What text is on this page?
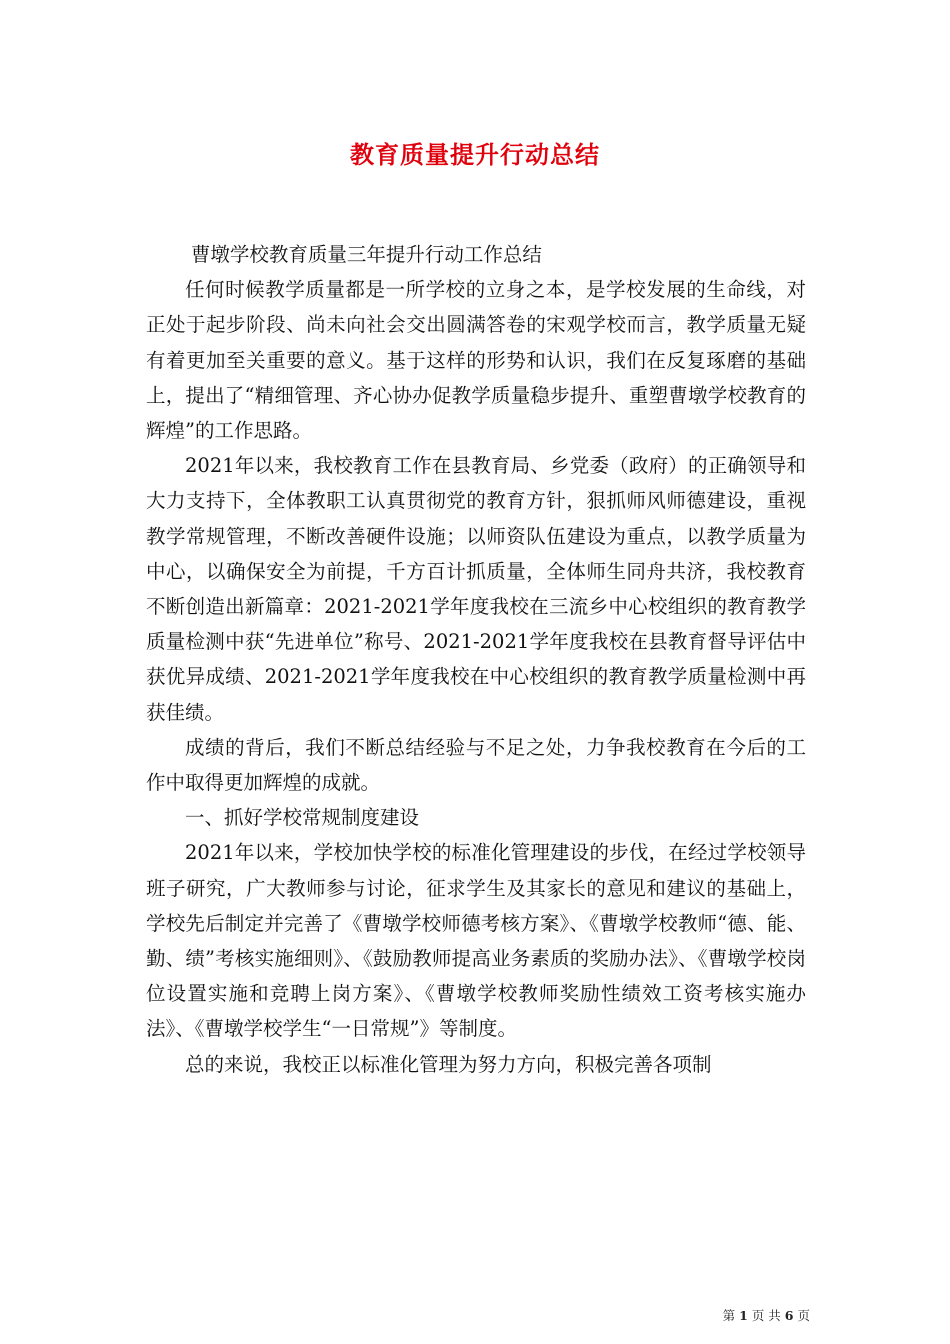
教育质量提升行动总结

曹墩学校教育质量三年提升行动工作总结

任何时候教学质量都是一所学校的立身之本，是学校发展的生命线，对正处于起步阶段、尚未向社会交出圆满答卷的宋观学校而言，教学质量无疑有着更加至关重要的意义。基于这样的形势和认识，我们在反复琢磨的基础上，提出了“精细管理、齐心协办促教学质量稳步提升、重塑曹墩学校教育的辉煌”的工作思路。

2021年以来，我校教育工作在县教育局、乡党委（政府）的正确领导和大力支持下，全体教职工认真贯彻党的教育方针，狠抓师风师德建设，重视教学常规管理，不断改善硬件设施；以师资队伍建设为重点，以教学质量为中心，以确保安全为前提，千方百计抓质量，全体师生同舟共济，我校教育不断创造出新篇章：2021-2021学年度我校在三流乡中心校组织的教育教学质量检测中获“先进单位”称号、2021-2021学年度我校在县教育督导评估中获优异成绩、2021-2021学年度我校在中心校组织的教育教学质量检测中再获佳绩。

成绩的背后，我们不断总结经验与不足之处，力争我校教育在今后的工作中取得更加辉煌的成就。

一、抓好学校常规制度建设

2021年以来，学校加快学校的标准化管理建设的步伐，在经过学校领导班子研究，广大教师参与讨论，征求学生及其家长的意见和建议的基础上，学校先后制定并完善了《曹墩学校师德考核方案》、《曹墩学校教师“德、能、勤、绩”考核实施细则》、《鼓励教师提高业务素质的奖励办法》、《曹墩学校岗位设置实施和竞聘上岗方案》、《曹墩学校教师奖励性绩效工资考核实施办法》、《曹墩学校学生“一日常规”》等制度。

总的来说，我校正以标准化管理为努力方向，积极完善各项制

第 1 页 共 6 页
